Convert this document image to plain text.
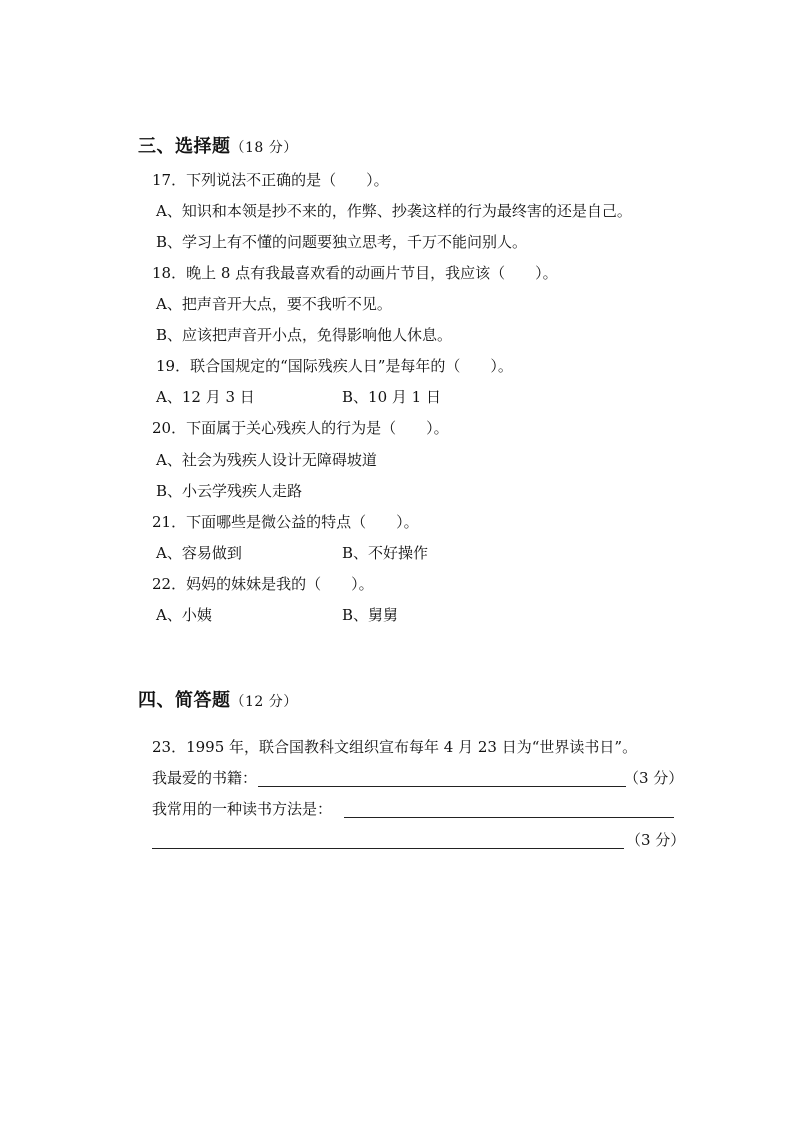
三、选择题（18 分）
17．下列说法不正确的是（　　）。
A、知识和本领是抄不来的，作弊、抄袭这样的行为最终害的还是自己。
B、学习上有不懂的问题要独立思考，千万不能问别人。
18．晚上 8 点有我最喜欢看的动画片节目，我应该（　　）。
A、把声音开大点，要不我听不见。
B、应该把声音开小点，免得影响他人休息。
19．联合国规定的“国际残疾人日”是每年的（　　）。
A、12 月 3 日	B、10 月 1 日
20．下面属于关心残疾人的行为是（　　）。
A、社会为残疾人设计无障碍坡道
B、小云学残疾人走路
21．下面哪些是微公益的特点（　　）。
A、容易做到	B、不好操作
22．妈妈的妹妹是我的（　　）。
A、小姨	B、舅舅
四、简答题（12 分）
23．1995 年，联合国教科文组织宣布每年 4 月 23 日为“世界读书日”。
我最爱的书籍：	（3 分）
我常用的一种读书方法是：
（3 分）
